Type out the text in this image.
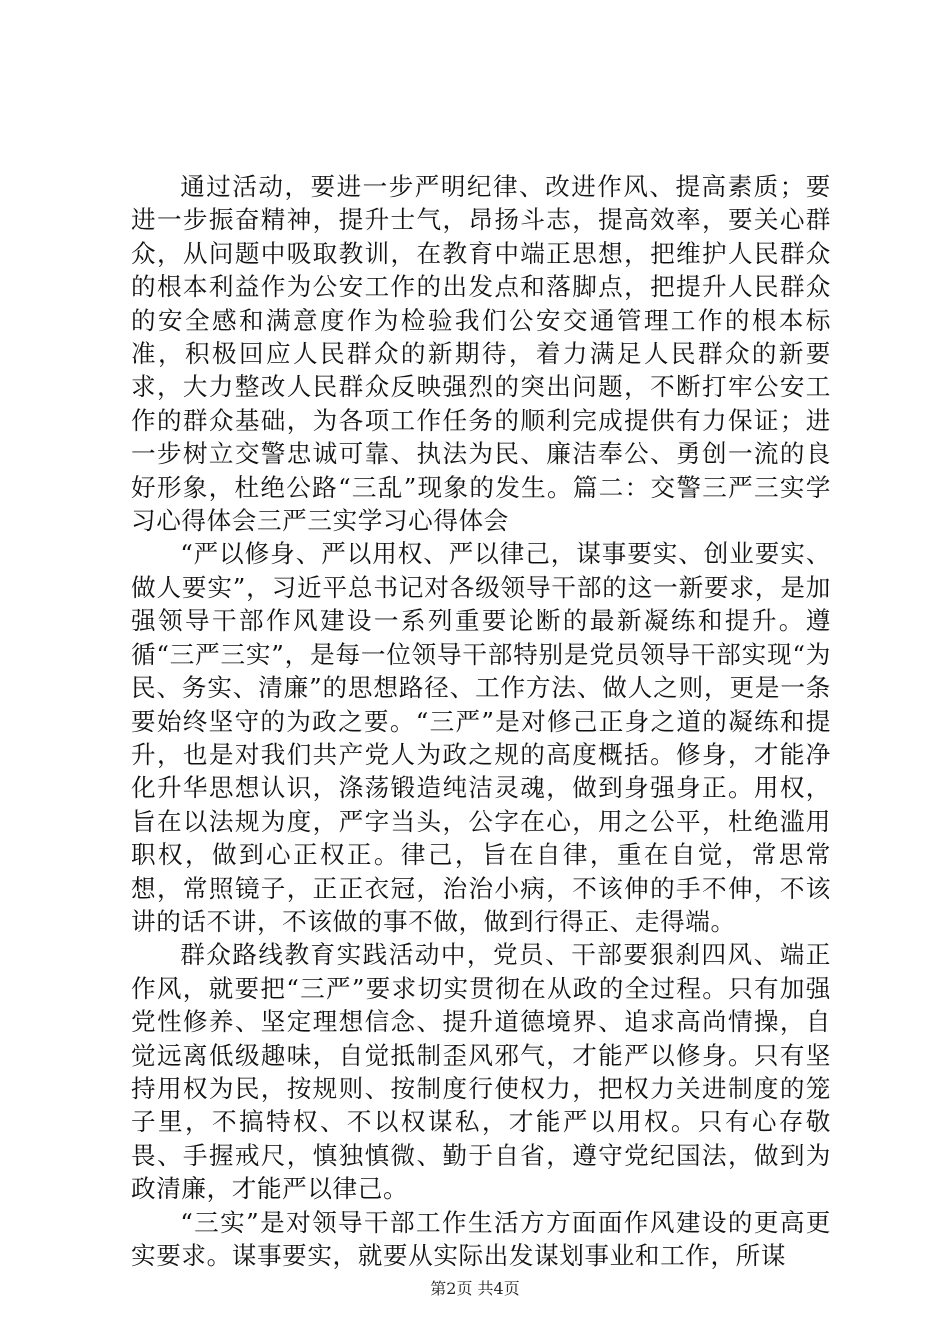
通过活动，要进一步严明纪律、改进作风、提高素质；要进一步振奋精神，提升士气，昂扬斗志，提高效率，要关心群众，从问题中吸取教训，在教育中端正思想，把维护人民群众的根本利益作为公安工作的出发点和落脚点，把提升人民群众的安全感和满意度作为检验我们公安交通管理工作的根本标准，积极回应人民群众的新期待，着力满足人民群众的新要求，大力整改人民群众反映强烈的突出问题，不断打牢公安工作的群众基础，为各项工作任务的顺利完成提供有力保证；进一步树立交警忠诚可靠、执法为民、廉洁奉公、勇创一流的良好形象，杜绝公路“三乱”现象的发生。篇二：交警三严三实学习心得体会三严三实学习心得体会

“严以修身、严以用权、严以律己，谋事要实、创业要实、做人要实”，习近平总书记对各级领导干部的这一新要求，是加强领导干部作风建设一系列重要论断的最新凝练和提升。遵循“三严三实”，是每一位领导干部特别是党员领导干部实现“为民、务实、清廉”的思想路径、工作方法、做人之则，更是一条要始终坚守的为政之要。“三严”是对修己正身之道的凝练和提升，也是对我们共产党人为政之规的高度概括。修身，才能净化升华思想认识，涤荡锻造纯洁灵魂，做到身强身正。用权，旨在以法规为度，严字当头，公字在心，用之公平，杜绝滥用职权，做到心正权正。律己，旨在自律，重在自觉，常思常想，常照镜子，正正衣冠，治治小病，不该伸的手不伸，不该讲的话不讲，不该做的事不做，做到行得正、走得端。

群众路线教育实践活动中，党员、干部要狠刹四风、端正作风，就要把“三严”要求切实贯彻在从政的全过程。只有加强党性修养、坚定理想信念、提升道德境界、追求高尚情操，自觉远离低级趣味，自觉抵制歪风邪气，才能严以修身。只有坚持用权为民，按规则、按制度行使权力，把权力关进制度的笼子里，不搞特权、不以权谋私，才能严以用权。只有心存敬畏、手握戒尺，慎独慎微、勤于自省，遵守党纪国法，做到为政清廉，才能严以律己。

“三实”是对领导干部工作生活方方面面作风建设的更高更实要求。谋事要实，就要从实际出发谋划事业和工作，所谋

第2页 共4页
